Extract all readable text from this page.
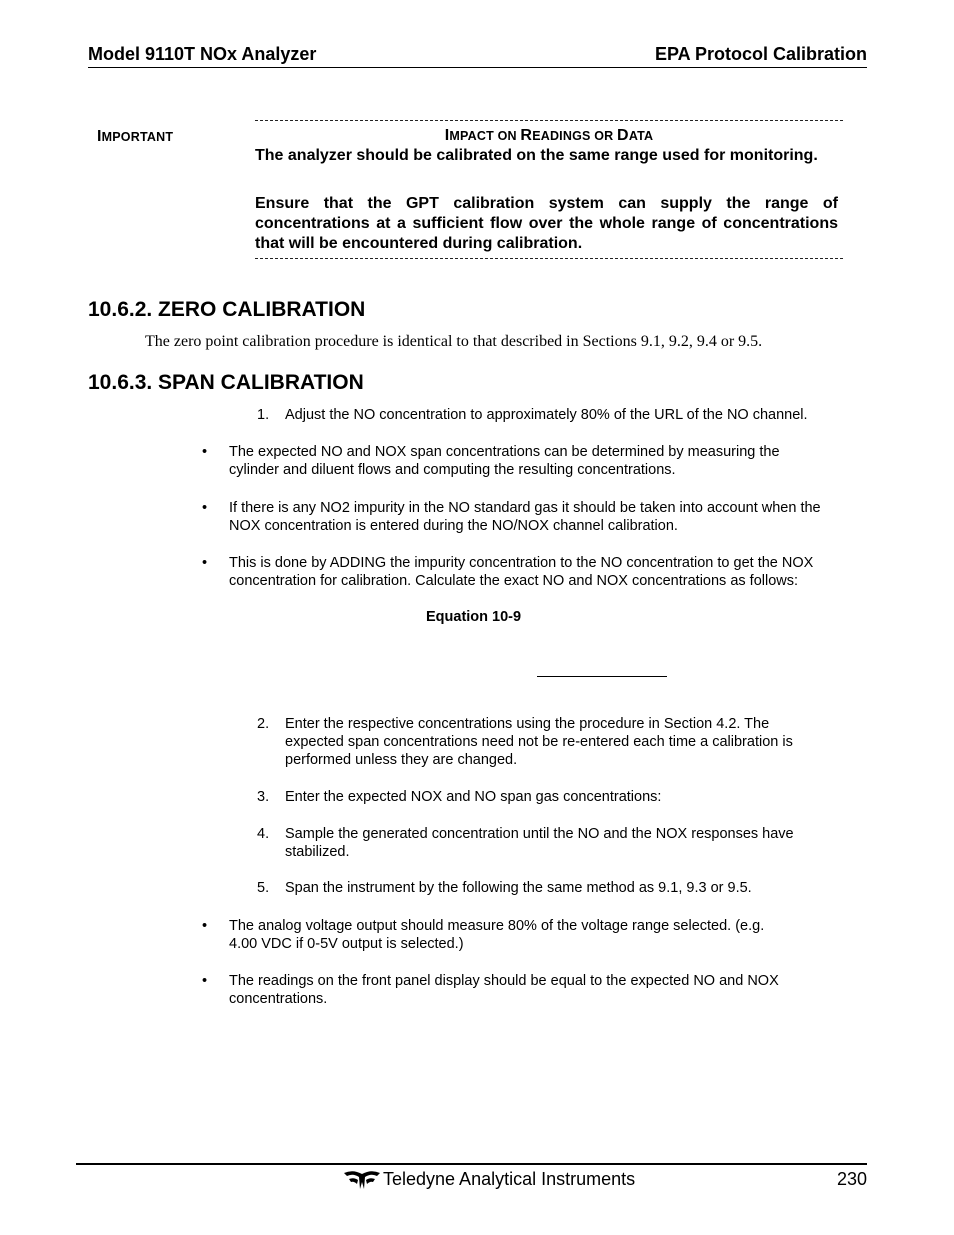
Model 9110T NOx Analyzer	EPA Protocol Calibration
IMPORTANT	IMPACT ON READINGS OR DATA
The analyzer should be calibrated on the same range used for monitoring.
Ensure that the GPT calibration system can supply the range of concentrations at a sufficient flow over the whole range of concentrations that will be encountered during calibration.
10.6.2. ZERO CALIBRATION
The zero point calibration procedure is identical to that described in Sections 9.1, 9.2, 9.4 or 9.5.
10.6.3. SPAN CALIBRATION
1. Adjust the NO concentration to approximately 80% of the URL of the NO channel.
• The expected NO and NOX span concentrations can be determined by measuring the
cylinder and diluent flows and computing the resulting concentrations.
• If there is any NO2 impurity in the NO standard gas it should be taken into account when the
NOX concentration is entered during the NO/NOX channel calibration.
• This is done by ADDING the impurity concentration to the NO concentration to get the NOX
concentration for calibration. Calculate the exact NO and NOX concentrations as follows:
Equation 10-9
2. Enter the respective concentrations using the procedure in Section 4.2. The
expected span concentrations need not be re-entered each time a calibration is
performed unless they are changed.
3. Enter the expected NOX and NO span gas concentrations:
4. Sample the generated concentration until the NO and the NOX responses have
stabilized.
5. Span the instrument by the following the same method as 9.1, 9.3 or 9.5.
• The analog voltage output should measure 80% of the voltage range selected. (e.g.
4.00 VDC if 0-5V output is selected.)
• The readings on the front panel display should be equal to the expected NO and NOX
concentrations.
Teledyne Analytical Instruments	230
